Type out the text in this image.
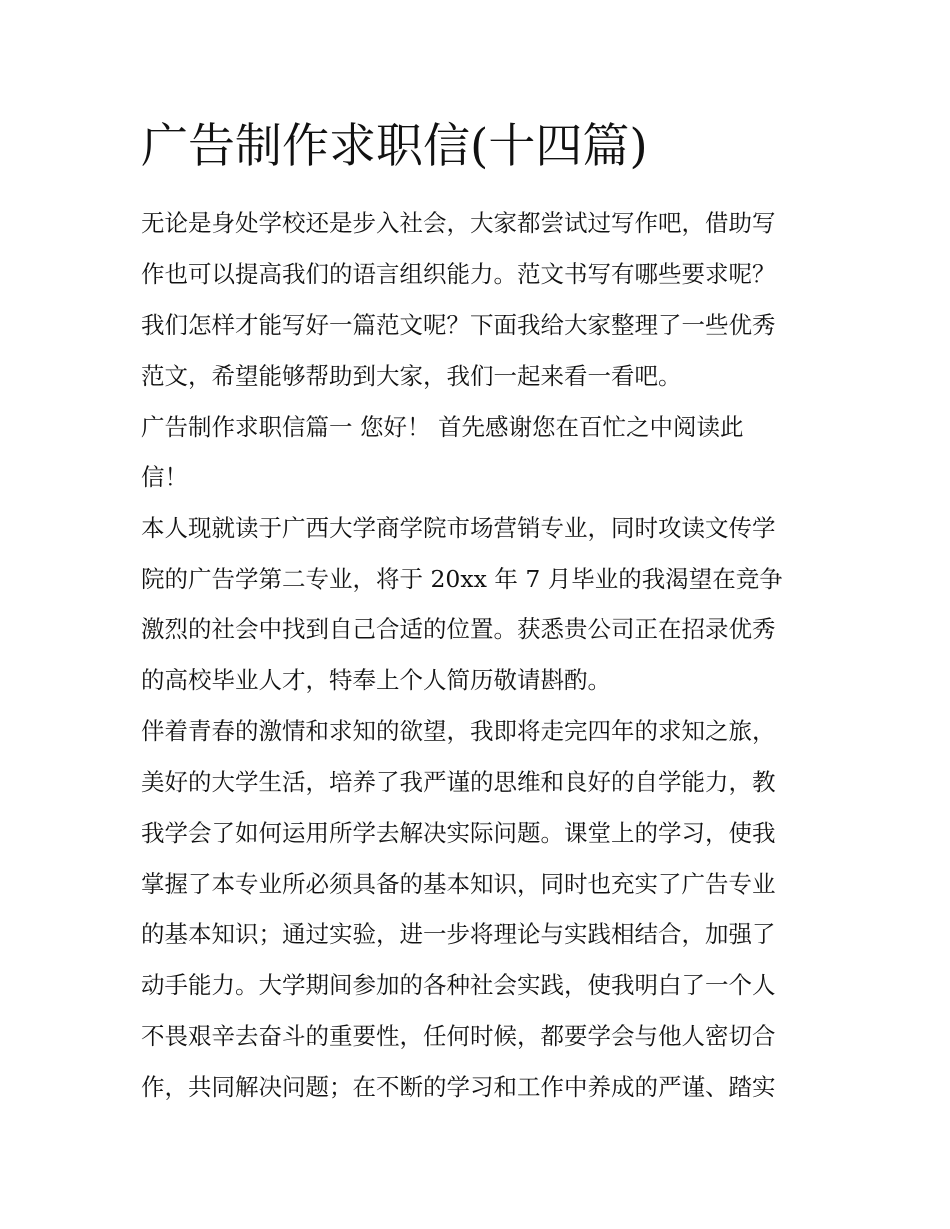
广告制作求职信(十四篇)

无论是身处学校还是步入社会，大家都尝试过写作吧，借助写

作也可以提高我们的语言组织能力。范文书写有哪些要求呢？

我们怎样才能写好一篇范文呢？下面我给大家整理了一些优秀

范文，希望能够帮助到大家，我们一起来看一看吧。

广告制作求职信篇一 您好！ 首先感谢您在百忙之中阅读此

信！

本人现就读于广西大学商学院市场营销专业，同时攻读文传学

院的广告学第二专业，将于 20xx 年 7 月毕业的我渴望在竞争

激烈的社会中找到自己合适的位置。获悉贵公司正在招录优秀

的高校毕业人才，特奉上个人简历敬请斟酌。

伴着青春的激情和求知的欲望，我即将走完四年的求知之旅，

美好的大学生活，培养了我严谨的思维和良好的自学能力，教

我学会了如何运用所学去解决实际问题。课堂上的学习，使我

掌握了本专业所必须具备的基本知识，同时也充实了广告专业

的基本知识；通过实验，进一步将理论与实践相结合，加强了

动手能力。大学期间参加的各种社会实践，使我明白了一个人

不畏艰辛去奋斗的重要性，任何时候，都要学会与他人密切合

作，共同解决问题；在不断的学习和工作中养成的严谨、踏实
